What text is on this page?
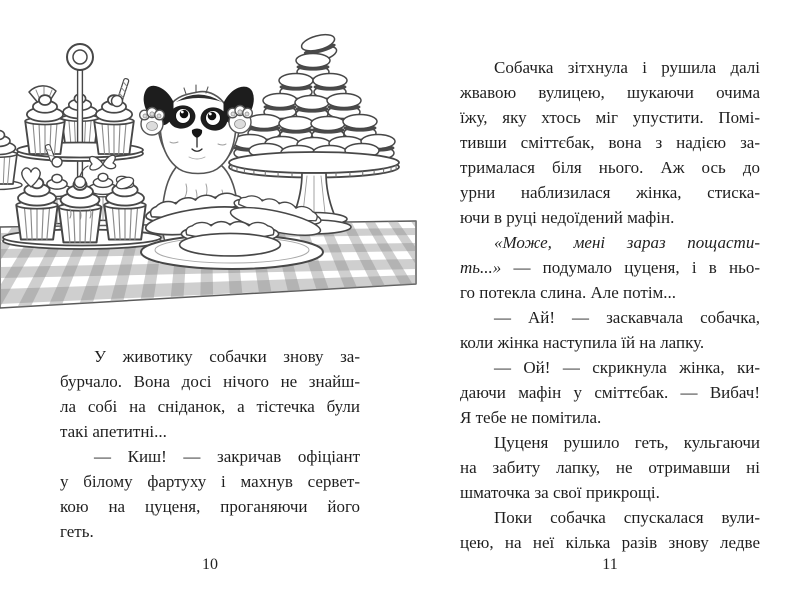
У животику собачки знову за-
бурчало. Вона досі нічого не знайш-
ла собі на сніданок, а тістечка були
такі апетитні...
— Киш! — закричав офіціант
у білому фартуху і махнув сервет-
кою на цуценя, проганяючи його
геть.
Собачка зітхнула і рушила далі
жвавою вулицею, шукаючи очима
їжу, яку хтось міг упустити. Помі-
тивши сміттєбак, вона з надією за-
трималася біля нього. Аж ось до
урни наблизилася жінка, стиска-
ючи в руці недоїдений мафін.
«Може, мені зараз пощасти-
ть...» — подумало цуценя, і в ньо-
го потекла слина. Але потім...
— Ай! — заскавчала собачка,
коли жінка наступила їй на лапку.
— Ой! — скрикнула жінка, ки-
даючи мафін у сміттєбак. — Вибач!
Я тебе не помітила.
Цуценя рушило геть, кульгаючи
на забиту лапку, не отримавши ні
шматочка за свої прикрощі.
Поки собачка спускалася вули-
цею, на неї кілька разів знову ледве
10	11
